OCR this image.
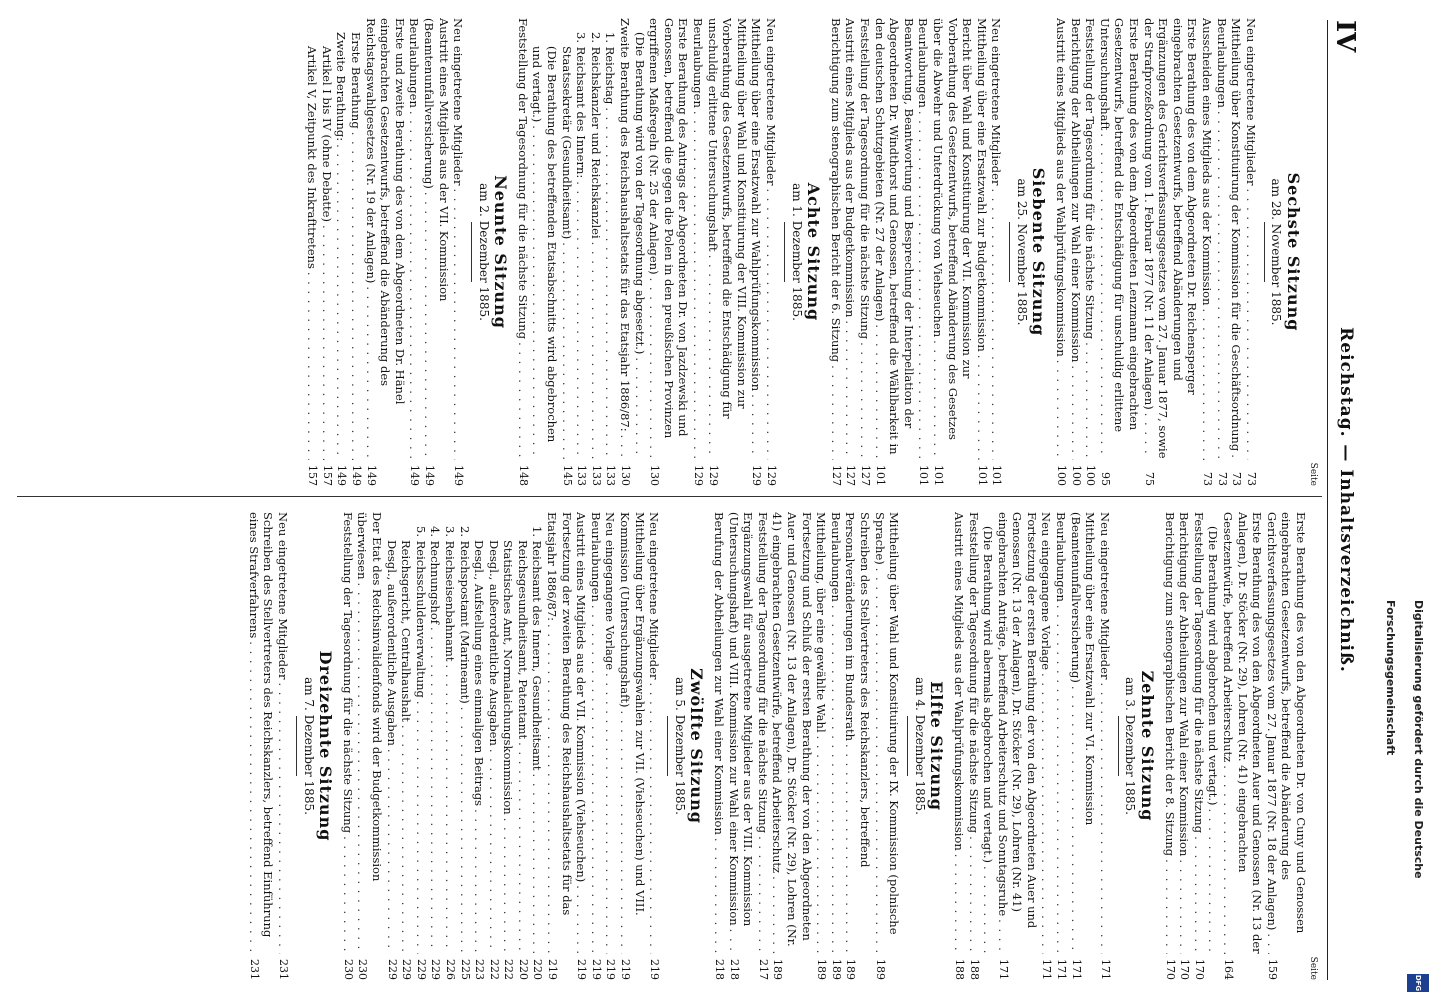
IV
Reichstag. — Inhaltsverzeichniß.
Seite
Sechste Sitzung
am 28. November 1885.
Neu eingetretene Mitglieder . . .
73
Mittheilung über Konstituirung der Kommission für die Geschäftsordnung . . .
73
Beurlaubungen . . .
73
Ausscheiden eines Mitglieds aus der Kommission . . .
73
Erste Berathung des von dem Abgeordneten Dr. Reichensperger eingebrachten Gesetzentwurfs, betreffend Abänderungen und Ergänzungen des Gerichtsverfassungsgesetzes vom 27. Januar 1877, sowie der Strafprozeßordnung vom 1. Februar 1877 (Nr. 11 der Anlagen) . . .
75
Erste Berathung des von dem Abgeordneten Lenzmann eingebrachten Gesetzentwurfs, betreffend die Entschädigung für unschuldig erlittene Untersuchungshaft . . .
95
Feststellung der Tagesordnung für die nächste Sitzung . . .
100
Berichtigung der Abtheilungen zur Wahl einer Kommission . . .
100
Austritt eines Mitglieds aus der Wahlprüfungskommission . . .
100
Siebente Sitzung
am 25. November 1885.
Neu eingetretene Mitglieder . . .
101
Mittheilung über eine Ersatzwahl zur Budgetkommission . . .
101
Bericht über Wahl und Konstituirung der VII. Kommission zur Vorberathung des Gesetzentwurfs, betreffend Abänderung des Gesetzes über die Abwehr und Unterdrückung von Viehseuchen . . .
101
Beurlaubungen . . .
101
Beantwortung, Beantwortung und Besprechung der Interpellation der Abgeordneten Dr. Windthorst und Genossen, betreffend die Wählbarkeit in den deutschen Schutzgebieten (Nr. 27 der Anlagen) . . .
101
Feststellung der Tagesordnung für die nächste Sitzung . . .
127
Austritt eines Mitglieds aus der Budgetkommission . . .
127
Berichtigung zum stenographischen Bericht der 6. Sitzung . . .
127
Achte Sitzung
am 1. Dezember 1885.
Neu eingetretene Mitglieder . . .
129
Mittheilung über eine Ersatzwahl zur Wahlprüfungskommission . . .
129
Mittheilung über Wahl und Konstituirung der VIII. Kommission zur Vorberathung des Gesetzentwurfs, betreffend die Entschädigung für unschuldig erlittene Untersuchungshaft . . .
129
Beurlaubungen . . .
129
Erste Berathung des Antrags der Abgeordneten Dr. von Jazdzewski und Genossen, betreffend die gegen die Polen in den preußischen Provinzen ergriffenen Maßregeln (Nr. 25 der Anlagen) . . .
130
(Die Berathung wird von der Tagesordnung abgesetzt.) . . .
Zweite Berathung des Reichshaushaltsetats für das Etatsjahr 1886/87: . . .
130
1. Reichstag . . .
133
2. Reichskanzler und Reichskanzlei . . .
133
3. Reichsamt des Innern: . . .
133
Staatssekretär (Gesundheitsamt) . . .
145
(Die Berathung des betreffenden Etatsabschnitts wird abgebrochen und vertagt.) . . .
Feststellung der Tagesordnung für die nächste Sitzung . . .
148
Neunte Sitzung
am 2. Dezember 1885.
Neu eingetretene Mitglieder . . .
149
Austritt eines Mitglieds aus der VII. Kommission (Beamtenunfallversicherung) . . .
149
Beurlaubungen . . .
149
Erste und zweite Berathung des von dem Abgeordneten Dr. Hänel eingebrachten Gesetzentwurfs, betreffend die Abänderung des Reichstagswahlgesetzes (Nr. 19 der Anlagen) . . .
149
Erste Berathung . . .
149
Zweite Berathung: . . .
149
Artikel I bis IV (ohne Debatte) . . .
157
Artikel V, Zeitpunkt des Inkrafttretens . . .
157
Seite
Erste Berathung des von den Abgeordneten Dr. von Cuny und Genossen eingebrachten Gesetzentwurfs, betreffend die Abänderung des Gerichtsverfassungsgesetzes vom 27. Januar 1877 (Nr. 18 der Anlagen) . . .
159
Erste Berathung des von den Abgeordneten Auer und Genossen (Nr. 13 der Anlagen), Dr. Stöcker (Nr. 29), Lohren (Nr. 41) eingebrachten Gesetzentwürfe, betreffend Arbeiterschutz . . .
164
(Die Berathung wird abgebrochen und vertagt.) . . .
Feststellung der Tagesordnung für die nächste Sitzung . . .
170
Berichtigung der Abtheilungen zur Wahl einer Kommission . . .
170
Berichtigung zum stenographischen Bericht der 8. Sitzung . . .
170
Zehnte Sitzung
am 3. Dezember 1885.
Neu eingetretene Mitglieder . . .
171
Mittheilung über eine Ersatzwahl zur VI. Kommission (Beamtenunfallversicherung) . . .
171
Beurlaubungen . . .
171
Neu eingegangene Vorlage . . .
171
Fortsetzung der ersten Berathung der von den Abgeordneten Auer und Genossen (Nr. 13 der Anlagen), Dr. Stöcker (Nr. 29), Lohren (Nr. 41) eingebrachten Anträge, betreffend Arbeiterschutz und Sonntagsruhe . . .
171
(Die Berathung wird abermals abgebrochen und vertagt.) . . .
Feststellung der Tagesordnung für die nächste Sitzung . . .
188
Austritt eines Mitglieds aus der Wahlprüfungskommission . . .
188
Elfte Sitzung
am 4. Dezember 1885.
Mittheilung über Wahl und Konstituirung der IX. Kommission (polnische Sprache) . . .
189
Schreiben des Stellvertreters des Reichskanzlers, betreffend Personalveränderungen im Bundesrath . . .
189
Beurlaubungen . . .
189
Mittheilung, über eine gewählte Wahl . . .
189
Fortsetzung und Schluß der ersten Berathung der von den Abgeordneten Auer und Genossen (Nr. 13 der Anlagen), Dr. Stöcker (Nr. 29), Lohren (Nr. 41) eingebrachten Gesetzentwürfe, betreffend Arbeiterschutz . . .
189
Feststellung der Tagesordnung für die nächste Sitzung . . .
217
Ergänzungswahl für ausgetretene Mitglieder aus der VIII. Kommission (Untersuchungshaft) und VIII. Kommission zur Wahl einer Kommission . . .
218
Berufung der Abtheilungen zur Wahl einer Kommission . . .
218
Zwölfte Sitzung
am 5. Dezember 1885.
Neu eingetretene Mitglieder . . .
219
Mittheilung über Ergänzungswahlen zur VII. (Viehseuchen) und VIII. Kommission (Untersuchungshaft) . . .
219
Neu eingegangene Vorlage . . .
219
Beurlaubungen . . .
219
Austritt eines Mitglieds aus der VII. Kommission (Viehseuchen) . . .
219
Fortsetzung der zweiten Berathung des Reichshaushaltsetats für das Etatsjahr 1886/87: . . .
219
1. Reichsamt des Innern, Gesundheitsamt . . .
220
Reichsgesundheitsamt, Patentamt . . .
220
Statistisches Amt, Normalaichungskommission . . .
222
Desgl., außerordentliche Ausgaben . . .
222
Desgl., Aufstellung eines einmaligen Beitrags . . .
223
2. Reichspostamt (Marineamt) . . .
225
3. Reichseisenbahnamt . . .
226
4. Rechnungshof . . .
229
5. Reichsschuldenverwaltung . . .
229
Reichsgericht, Centralhaushalt . . .
229
Desgl., außerordentliche Ausgaben . . .
229
Der Etat des Reichsinvalidenfonds wird der Budgetkommission überwiesen . . .
230
Feststellung der Tagesordnung für die nächste Sitzung . . .
230
Dreizehnte Sitzung
am 7. Dezember 1885.
Neu eingetretene Mitglieder . . .
231
Schreiben des Stellvertreters des Reichskanzlers, betreffend Einführung eines Strafverfahrens . . .
231
Digitalisierung gefördert durch die Deutsche Forschungsgemeinschaft
DFG
